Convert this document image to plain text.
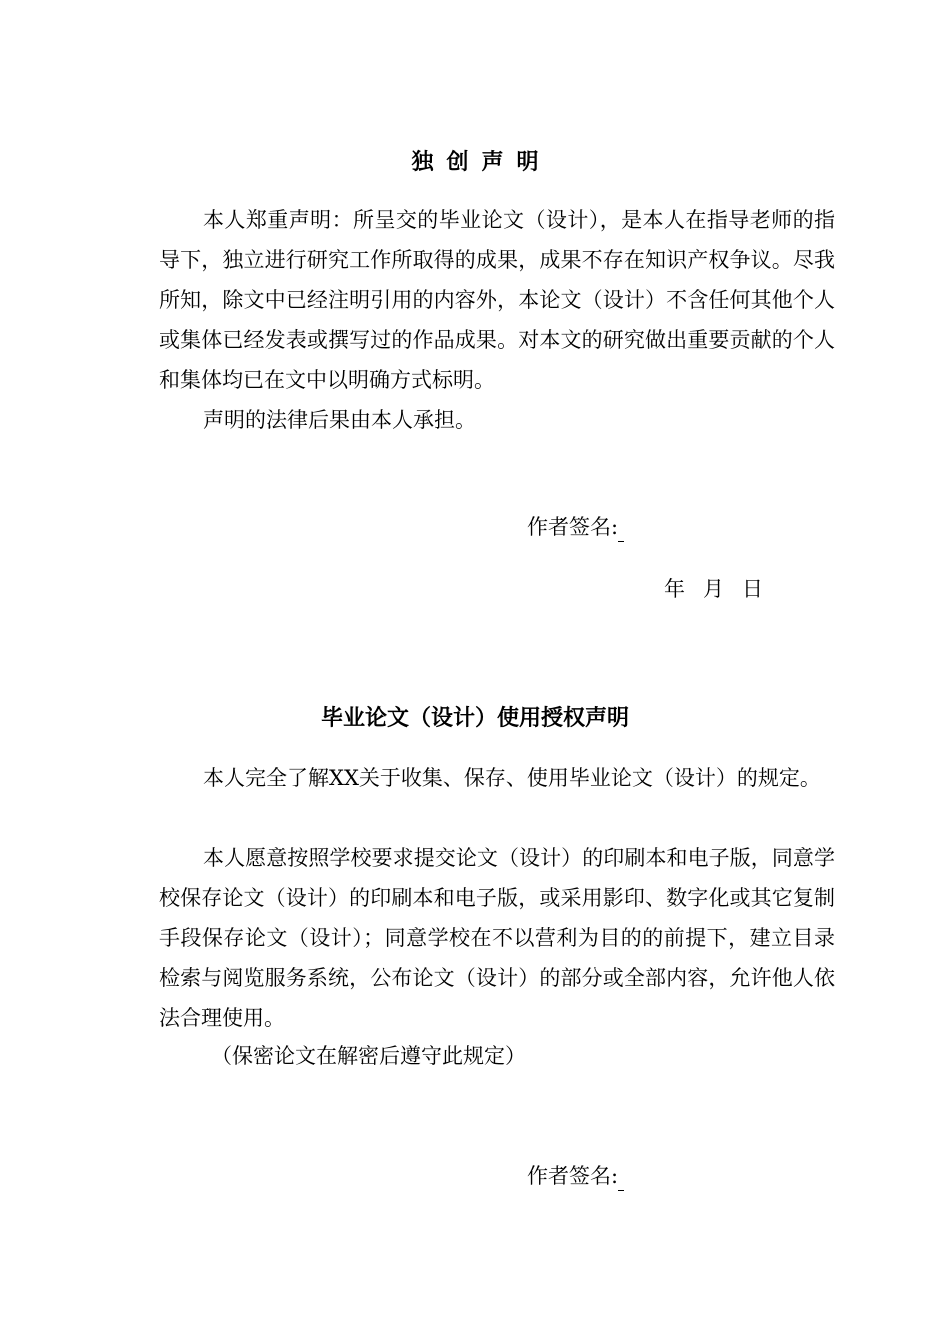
独创声明

本人郑重声明：所呈交的毕业论文（设计），是本人在指导老师的指导下，独立进行研究工作所取得的成果，成果不存在知识产权争议。尽我所知，除文中已经注明引用的内容外，本论文（设计）不含任何其他个人或集体已经发表或撰写过的作品成果。对本文的研究做出重要贡献的个人和集体均已在文中以明确方式标明。

声明的法律后果由本人承担。

作者签名:
年 月 日
毕业论文（设计）使用授权声明

本人完全了解XX关于收集、保存、使用毕业论文（设计）的规定。

本人愿意按照学校要求提交论文（设计）的印刷本和电子版，同意学校保存论文（设计）的印刷本和电子版，或采用影印、数字化或其它复制手段保存论文（设计）；同意学校在不以营利为目的的前提下，建立目录检索与阅览服务系统，公布论文（设计）的部分或全部内容，允许他人依法合理使用。

（保密论文在解密后遵守此规定）

作者签名:
